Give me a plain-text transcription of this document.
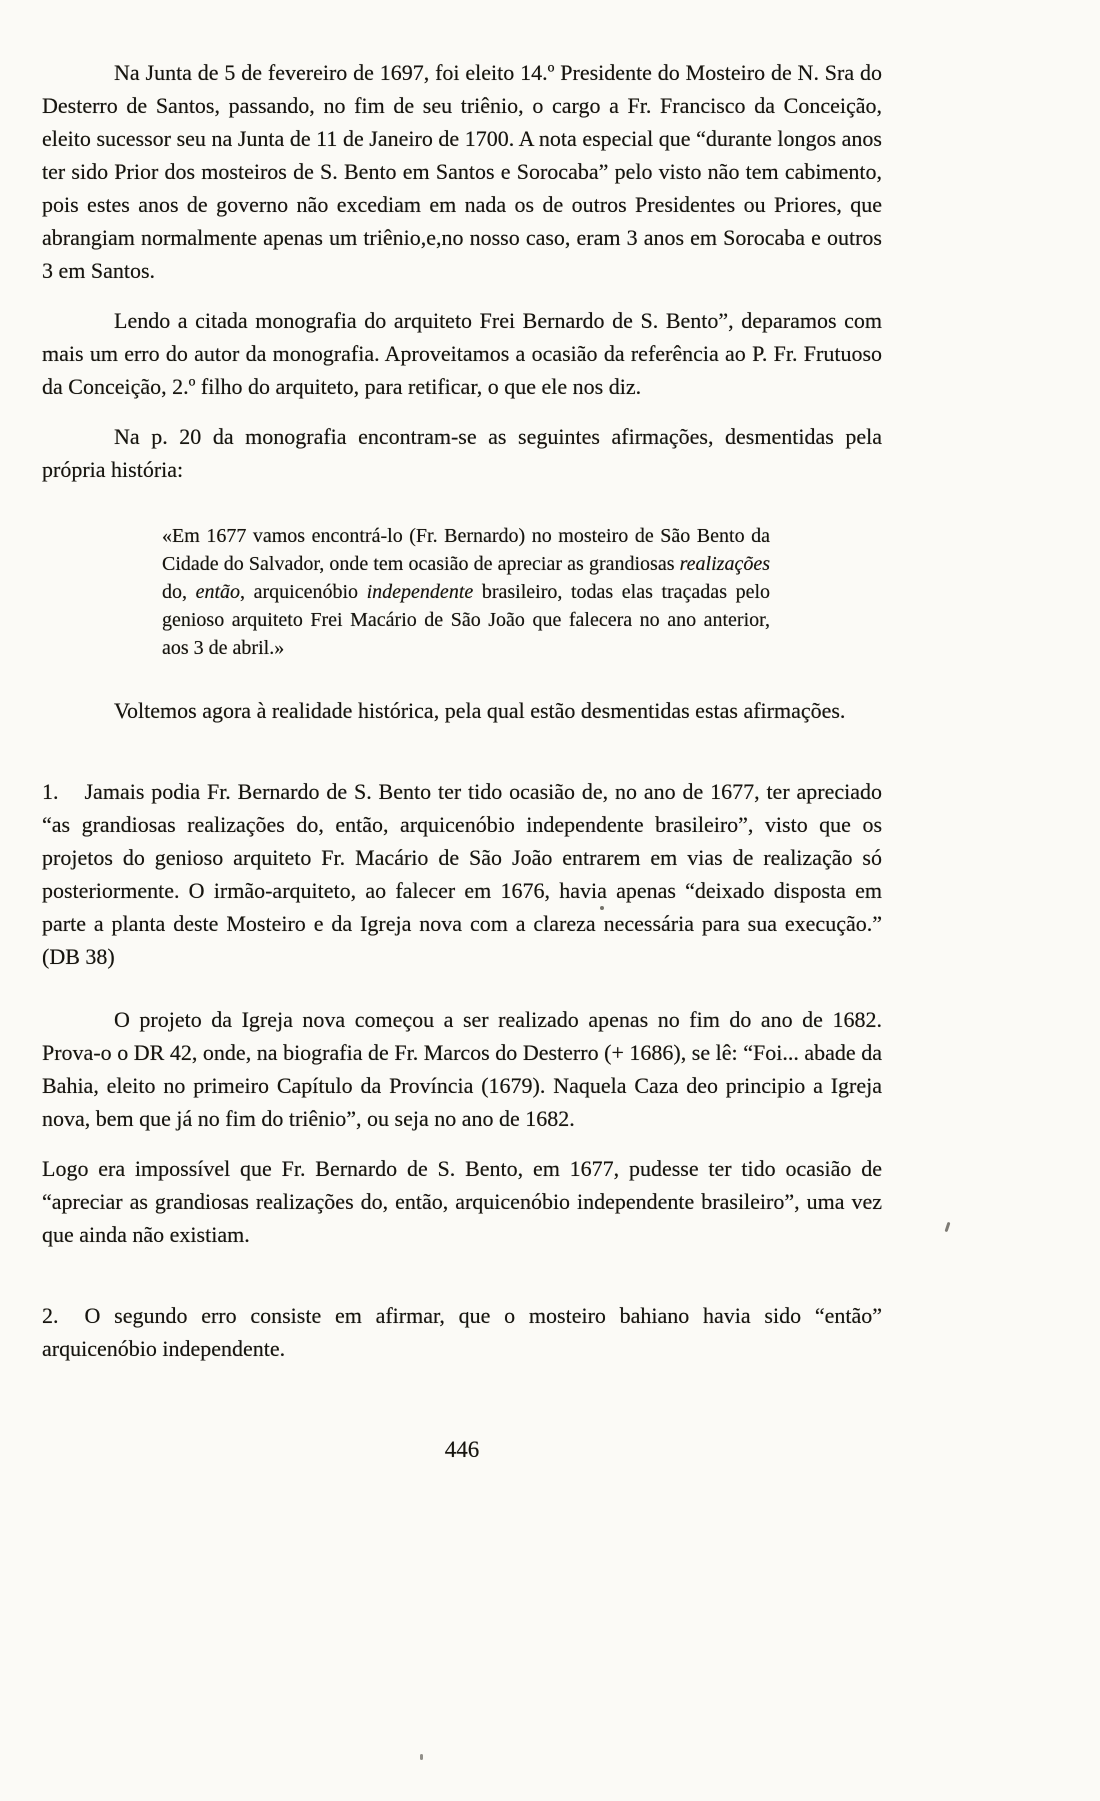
Na Junta de 5 de fevereiro de 1697, foi eleito 14.º Presidente do Mosteiro de N. Sra do Desterro de Santos, passando, no fim de seu triênio, o cargo a Fr. Francisco da Conceição, eleito sucessor seu na Junta de 11 de Janeiro de 1700. A nota especial que “durante longos anos ter sido Prior dos mosteiros de S. Bento em Santos e Sorocaba” pelo visto não tem cabimento, pois estes anos de governo não excediam em nada os de outros Presidentes ou Priores, que abrangiam normalmente apenas um triênio,e,no nosso caso, eram 3 anos em Sorocaba e outros 3 em Santos.

Lendo a citada monografia do arquiteto Frei Bernardo de S. Bento”, deparamos com mais um erro do autor da monografia. Aproveitamos a ocasião da referência ao P. Fr. Frutuoso da Conceição, 2.º filho do arquiteto, para retificar, o que ele nos diz.

Na p. 20 da monografia encontram-se as seguintes afirmações, desmentidas pela própria história:

«Em 1677 vamos encontrá-lo (Fr. Bernardo) no mosteiro de São Bento da Cidade do Salvador, onde tem ocasião de apreciar as grandiosas realizações do, então, arquicenóbio independente brasileiro, todas elas traçadas pelo genioso arquiteto Frei Macário de São João que falecera no ano anterior, aos 3 de abril.»

Voltemos agora à realidade histórica, pela qual estão desmentidas estas afirmações.

1. Jamais podia Fr. Bernardo de S. Bento ter tido ocasião de, no ano de 1677, ter apreciado “as grandiosas realizações do, então, arquicenóbio independente brasileiro”, visto que os projetos do genioso arquiteto Fr. Macário de São João entrarem em vias de realização só posteriormente. O irmão-arquiteto, ao falecer em 1676, havia apenas “deixado disposta em parte a planta deste Mosteiro e da Igreja nova com a clareza necessária para sua execução.” (DB 38)

O projeto da Igreja nova começou a ser realizado apenas no fim do ano de 1682. Prova-o o DR 42, onde, na biografia de Fr. Marcos do Desterro (+ 1686), se lê: “Foi... abade da Bahia, eleito no primeiro Capítulo da Província (1679). Naquela Caza deo principio a Igreja nova, bem que já no fim do triênio”, ou seja no ano de 1682.

Logo era impossível que Fr. Bernardo de S. Bento, em 1677, pudesse ter tido ocasião de “apreciar as grandiosas realizações do, então, arquicenóbio independente brasileiro”, uma vez que ainda não existiam.

2. O segundo erro consiste em afirmar, que o mosteiro bahiano havia sido “então” arquicenóbio independente.

446
